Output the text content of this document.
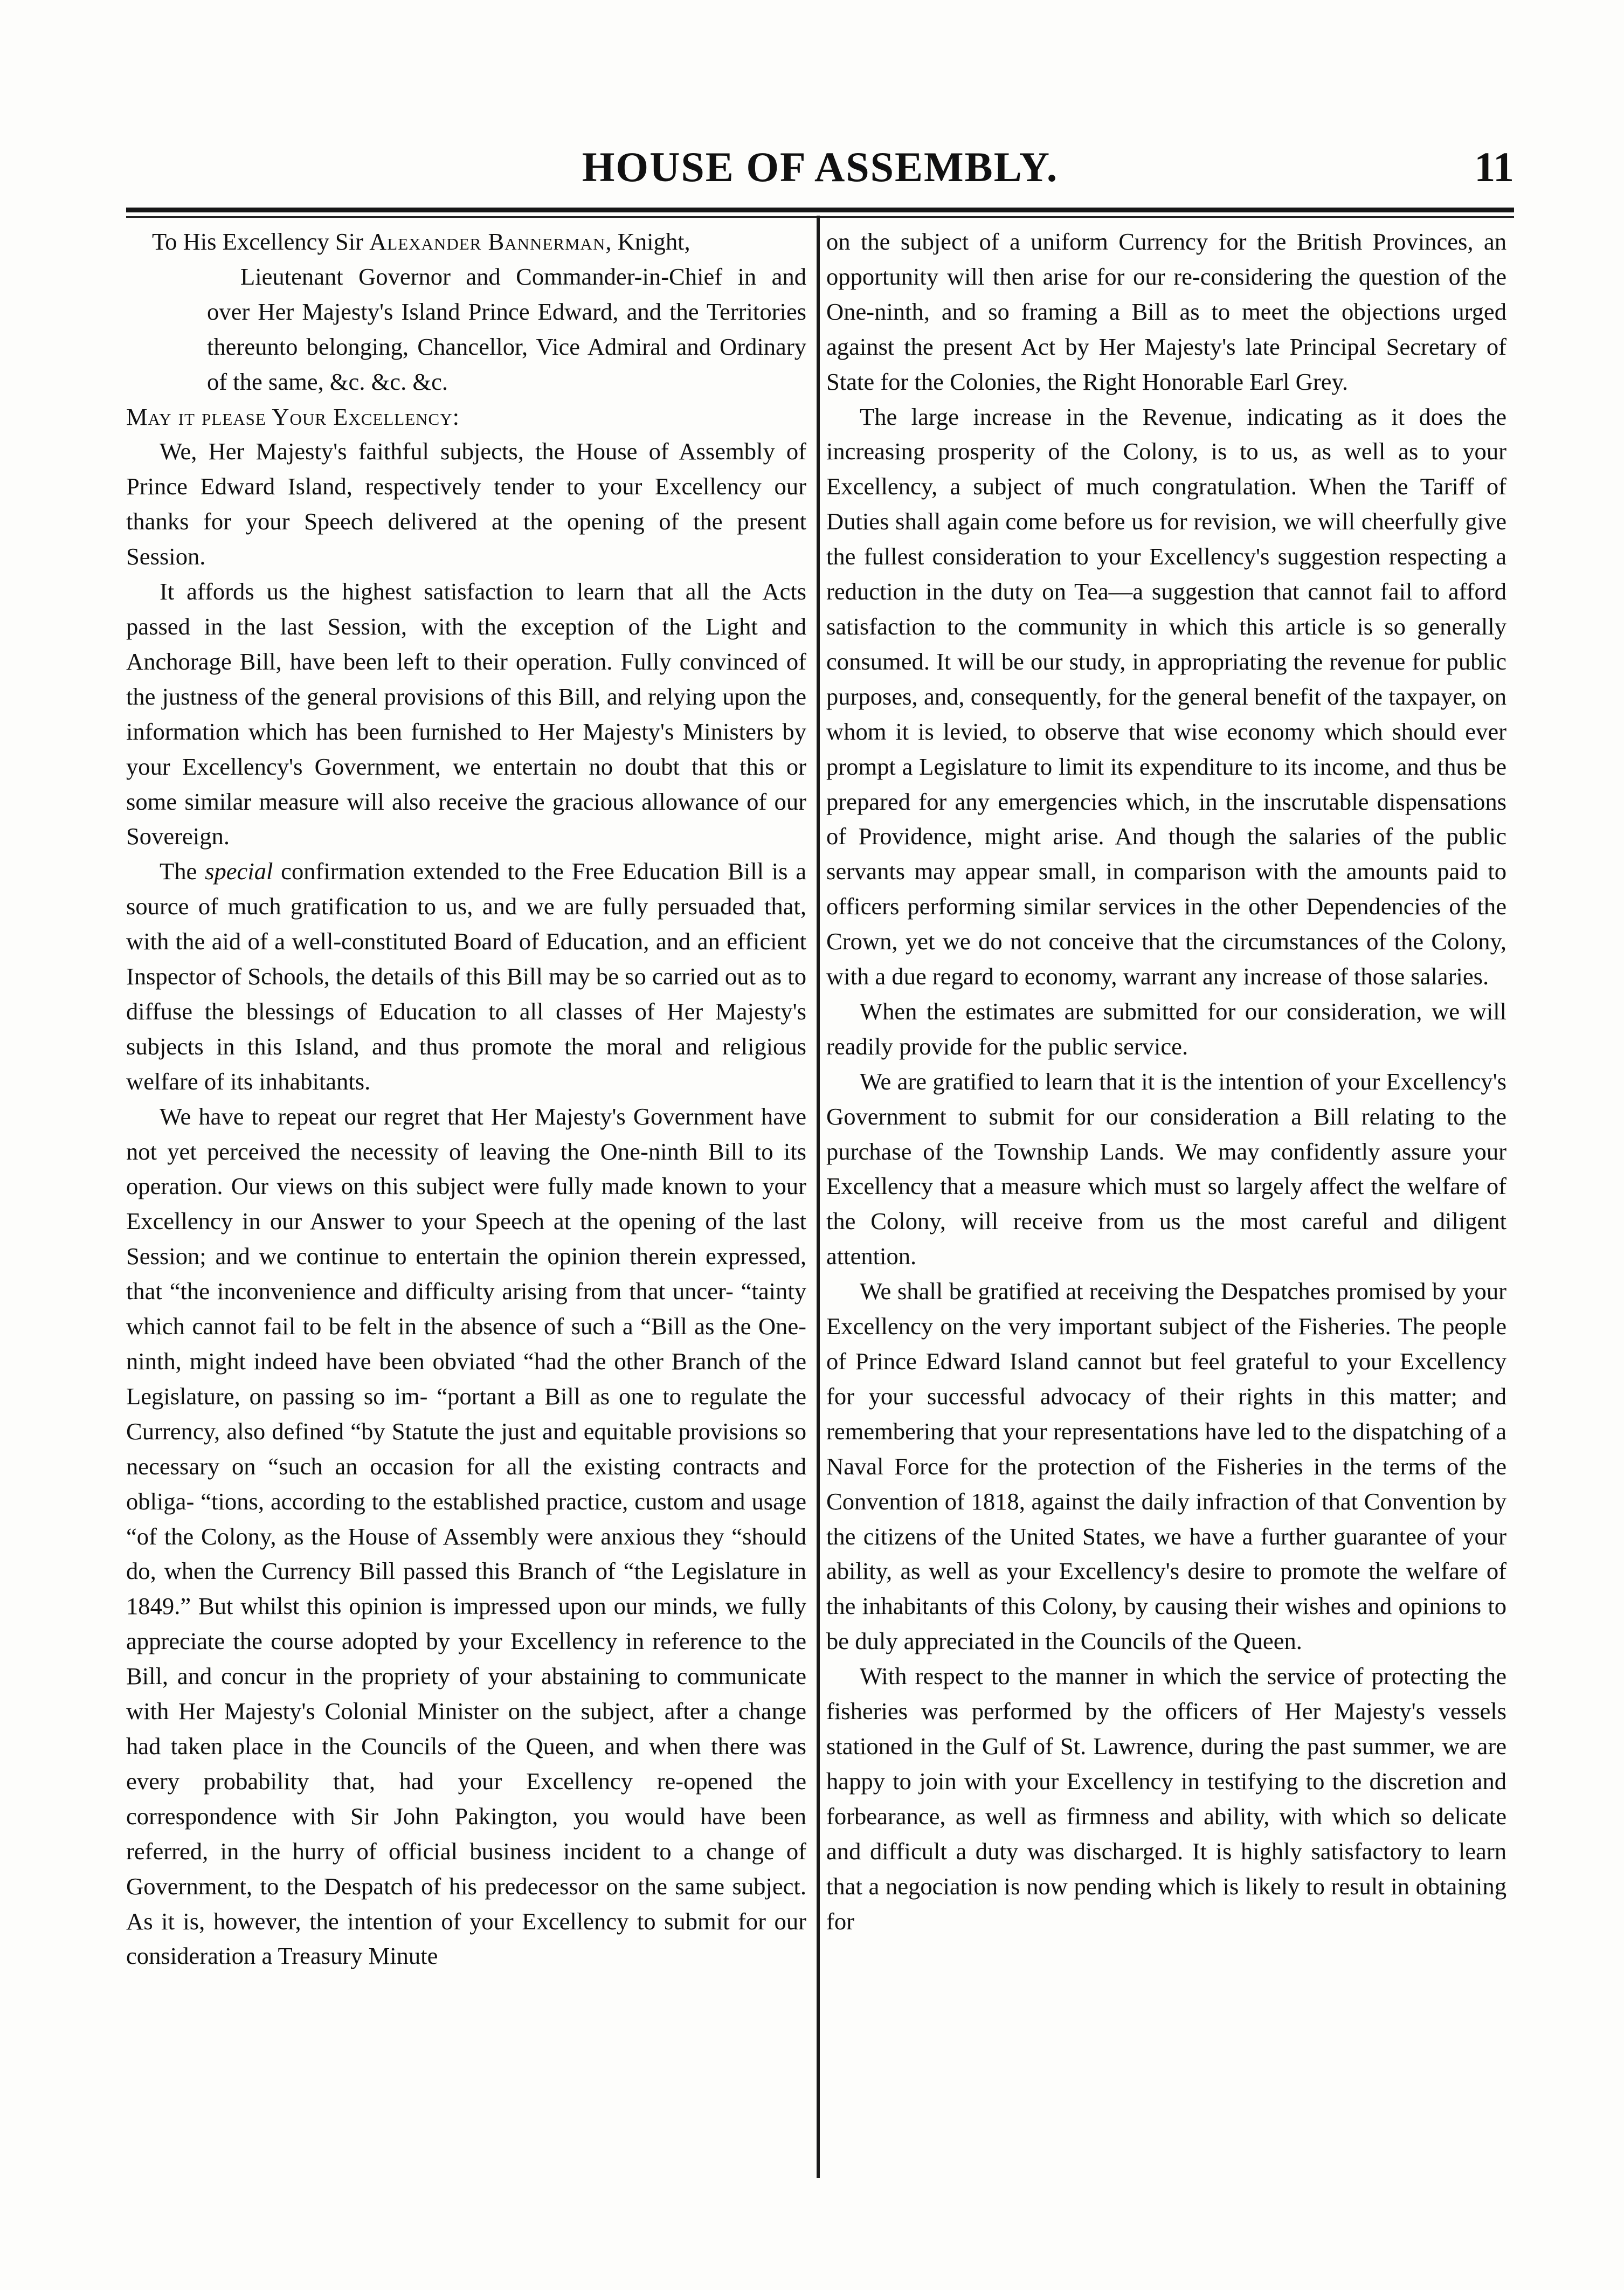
HOUSE OF ASSEMBLY.	11

To His Excellency Sir Alexander Bannerman, Knight,

Lieutenant Governor and Commander-in-Chief in and over Her Majesty's Island Prince Edward, and the Territories thereunto belonging, Chancellor, Vice Admiral and Ordinary of the same, &c. &c. &c.

May it please Your Excellency:

We, Her Majesty's faithful subjects, the House of Assembly of Prince Edward Island, respectively tender to your Excellency our thanks for your Speech delivered at the opening of the present Session.

It affords us the highest satisfaction to learn that all the Acts passed in the last Session, with the exception of the Light and Anchorage Bill, have been left to their operation. Fully convinced of the justness of the general provisions of this Bill, and relying upon the information which has been furnished to Her Majesty's Ministers by your Excellency's Government, we entertain no doubt that this or some similar measure will also receive the gracious allowance of our Sovereign.

The special confirmation extended to the Free Education Bill is a source of much gratification to us, and we are fully persuaded that, with the aid of a well-constituted Board of Education, and an efficient Inspector of Schools, the details of this Bill may be so carried out as to diffuse the blessings of Education to all classes of Her Majesty's subjects in this Island, and thus promote the moral and religious welfare of its inhabitants.

We have to repeat our regret that Her Majesty's Government have not yet perceived the necessity of leaving the One-ninth Bill to its operation. Our views on this subject were fully made known to your Excellency in our Answer to your Speech at the opening of the last Session; and we continue to entertain the opinion therein expressed, that “the inconvenience and difficulty arising from that uncer- “tainty which cannot fail to be felt in the absence of such a “Bill as the One-ninth, might indeed have been obviated “had the other Branch of the Legislature, on passing so im- “portant a Bill as one to regulate the Currency, also defined “by Statute the just and equitable provisions so necessary on “such an occasion for all the existing contracts and obliga- “tions, according to the established practice, custom and usage “of the Colony, as the House of Assembly were anxious they “should do, when the Currency Bill passed this Branch of “the Legislature in 1849.” But whilst this opinion is impressed upon our minds, we fully appreciate the course adopted by your Excellency in reference to the Bill, and concur in the propriety of your abstaining to communicate with Her Majesty's Colonial Minister on the subject, after a change had taken place in the Councils of the Queen, and when there was every probability that, had your Excellency re-opened the correspondence with Sir John Pakington, you would have been referred, in the hurry of official business incident to a change of Government, to the Despatch of his predecessor on the same subject. As it is, however, the intention of your Excellency to submit for our consideration a Treasury Minute

on the subject of a uniform Currency for the British Provinces, an opportunity will then arise for our re-considering the question of the One-ninth, and so framing a Bill as to meet the objections urged against the present Act by Her Majesty's late Principal Secretary of State for the Colonies, the Right Honorable Earl Grey.

The large increase in the Revenue, indicating as it does the increasing prosperity of the Colony, is to us, as well as to your Excellency, a subject of much congratulation. When the Tariff of Duties shall again come before us for revision, we will cheerfully give the fullest consideration to your Excellency's suggestion respecting a reduction in the duty on Tea—a suggestion that cannot fail to afford satisfaction to the community in which this article is so generally consumed. It will be our study, in appropriating the revenue for public purposes, and, consequently, for the general benefit of the taxpayer, on whom it is levied, to observe that wise economy which should ever prompt a Legislature to limit its expenditure to its income, and thus be prepared for any emergencies which, in the inscrutable dispensations of Providence, might arise. And though the salaries of the public servants may appear small, in comparison with the amounts paid to officers performing similar services in the other Dependencies of the Crown, yet we do not conceive that the circumstances of the Colony, with a due regard to economy, warrant any increase of those salaries.

When the estimates are submitted for our consideration, we will readily provide for the public service.

We are gratified to learn that it is the intention of your Excellency's Government to submit for our consideration a Bill relating to the purchase of the Township Lands. We may confidently assure your Excellency that a measure which must so largely affect the welfare of the Colony, will receive from us the most careful and diligent attention.

We shall be gratified at receiving the Despatches promised by your Excellency on the very important subject of the Fisheries. The people of Prince Edward Island cannot but feel grateful to your Excellency for your successful advocacy of their rights in this matter; and remembering that your representations have led to the dispatching of a Naval Force for the protection of the Fisheries in the terms of the Convention of 1818, against the daily infraction of that Convention by the citizens of the United States, we have a further guarantee of your ability, as well as your Excellency's desire to promote the welfare of the inhabitants of this Colony, by causing their wishes and opinions to be duly appreciated in the Councils of the Queen.

With respect to the manner in which the service of protecting the fisheries was performed by the officers of Her Majesty's vessels stationed in the Gulf of St. Lawrence, during the past summer, we are happy to join with your Excellency in testifying to the discretion and forbearance, as well as firmness and ability, with which so delicate and difficult a duty was discharged. It is highly satisfactory to learn that a negociation is now pending which is likely to result in obtaining for
